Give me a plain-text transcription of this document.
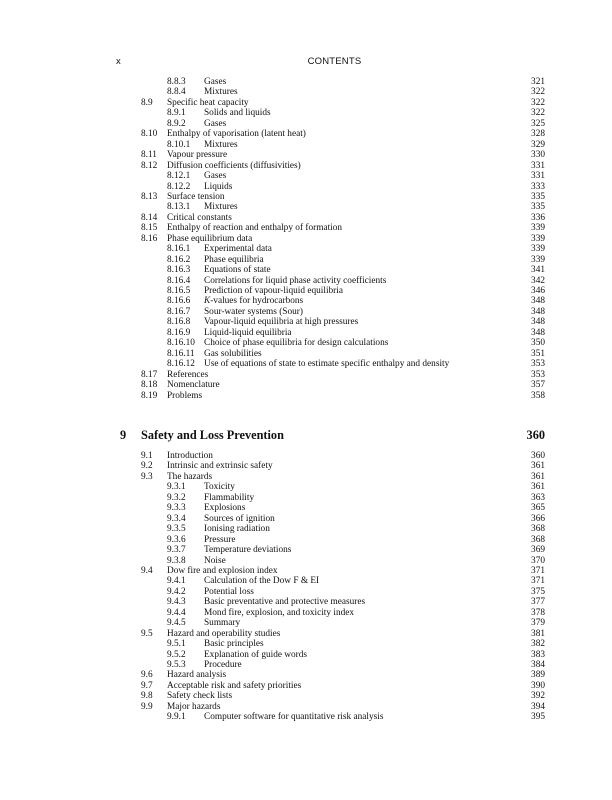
x	CONTENTS
8.8.3 Gases	321
8.8.4 Mixtures	322
8.9 Specific heat capacity	322
8.9.1 Solids and liquids	322
8.9.2 Gases	325
8.10 Enthalpy of vaporisation (latent heat)	328
8.10.1 Mixtures	329
8.11 Vapour pressure	330
8.12 Diffusion coefficients (diffusivities)	331
8.12.1 Gases	331
8.12.2 Liquids	333
8.13 Surface tension	335
8.13.1 Mixtures	335
8.14 Critical constants	336
8.15 Enthalpy of reaction and enthalpy of formation	339
8.16 Phase equilibrium data	339
8.16.1 Experimental data	339
8.16.2 Phase equilibria	339
8.16.3 Equations of state	341
8.16.4 Correlations for liquid phase activity coefficients	342
8.16.5 Prediction of vapour-liquid equilibria	346
8.16.6 K-values for hydrocarbons	348
8.16.7 Sour-water systems (Sour)	348
8.16.8 Vapour-liquid equilibria at high pressures	348
8.16.9 Liquid-liquid equilibria	348
8.16.10 Choice of phase equilibria for design calculations	350
8.16.11 Gas solubilities	351
8.16.12 Use of equations of state to estimate specific enthalpy and density	353
8.17 References	353
8.18 Nomenclature	357
8.19 Problems	358
9 Safety and Loss Prevention	360
9.1 Introduction	360
9.2 Intrinsic and extrinsic safety	361
9.3 The hazards	361
9.3.1 Toxicity	361
9.3.2 Flammability	363
9.3.3 Explosions	365
9.3.4 Sources of ignition	366
9.3.5 Ionising radiation	368
9.3.6 Pressure	368
9.3.7 Temperature deviations	369
9.3.8 Noise	370
9.4 Dow fire and explosion index	371
9.4.1 Calculation of the Dow F & EI	371
9.4.2 Potential loss	375
9.4.3 Basic preventative and protective measures	377
9.4.4 Mond fire, explosion, and toxicity index	378
9.4.5 Summary	379
9.5 Hazard and operability studies	381
9.5.1 Basic principles	382
9.5.2 Explanation of guide words	383
9.5.3 Procedure	384
9.6 Hazard analysis	389
9.7 Acceptable risk and safety priorities	390
9.8 Safety check lists	392
9.9 Major hazards	394
9.9.1 Computer software for quantitative risk analysis	395
